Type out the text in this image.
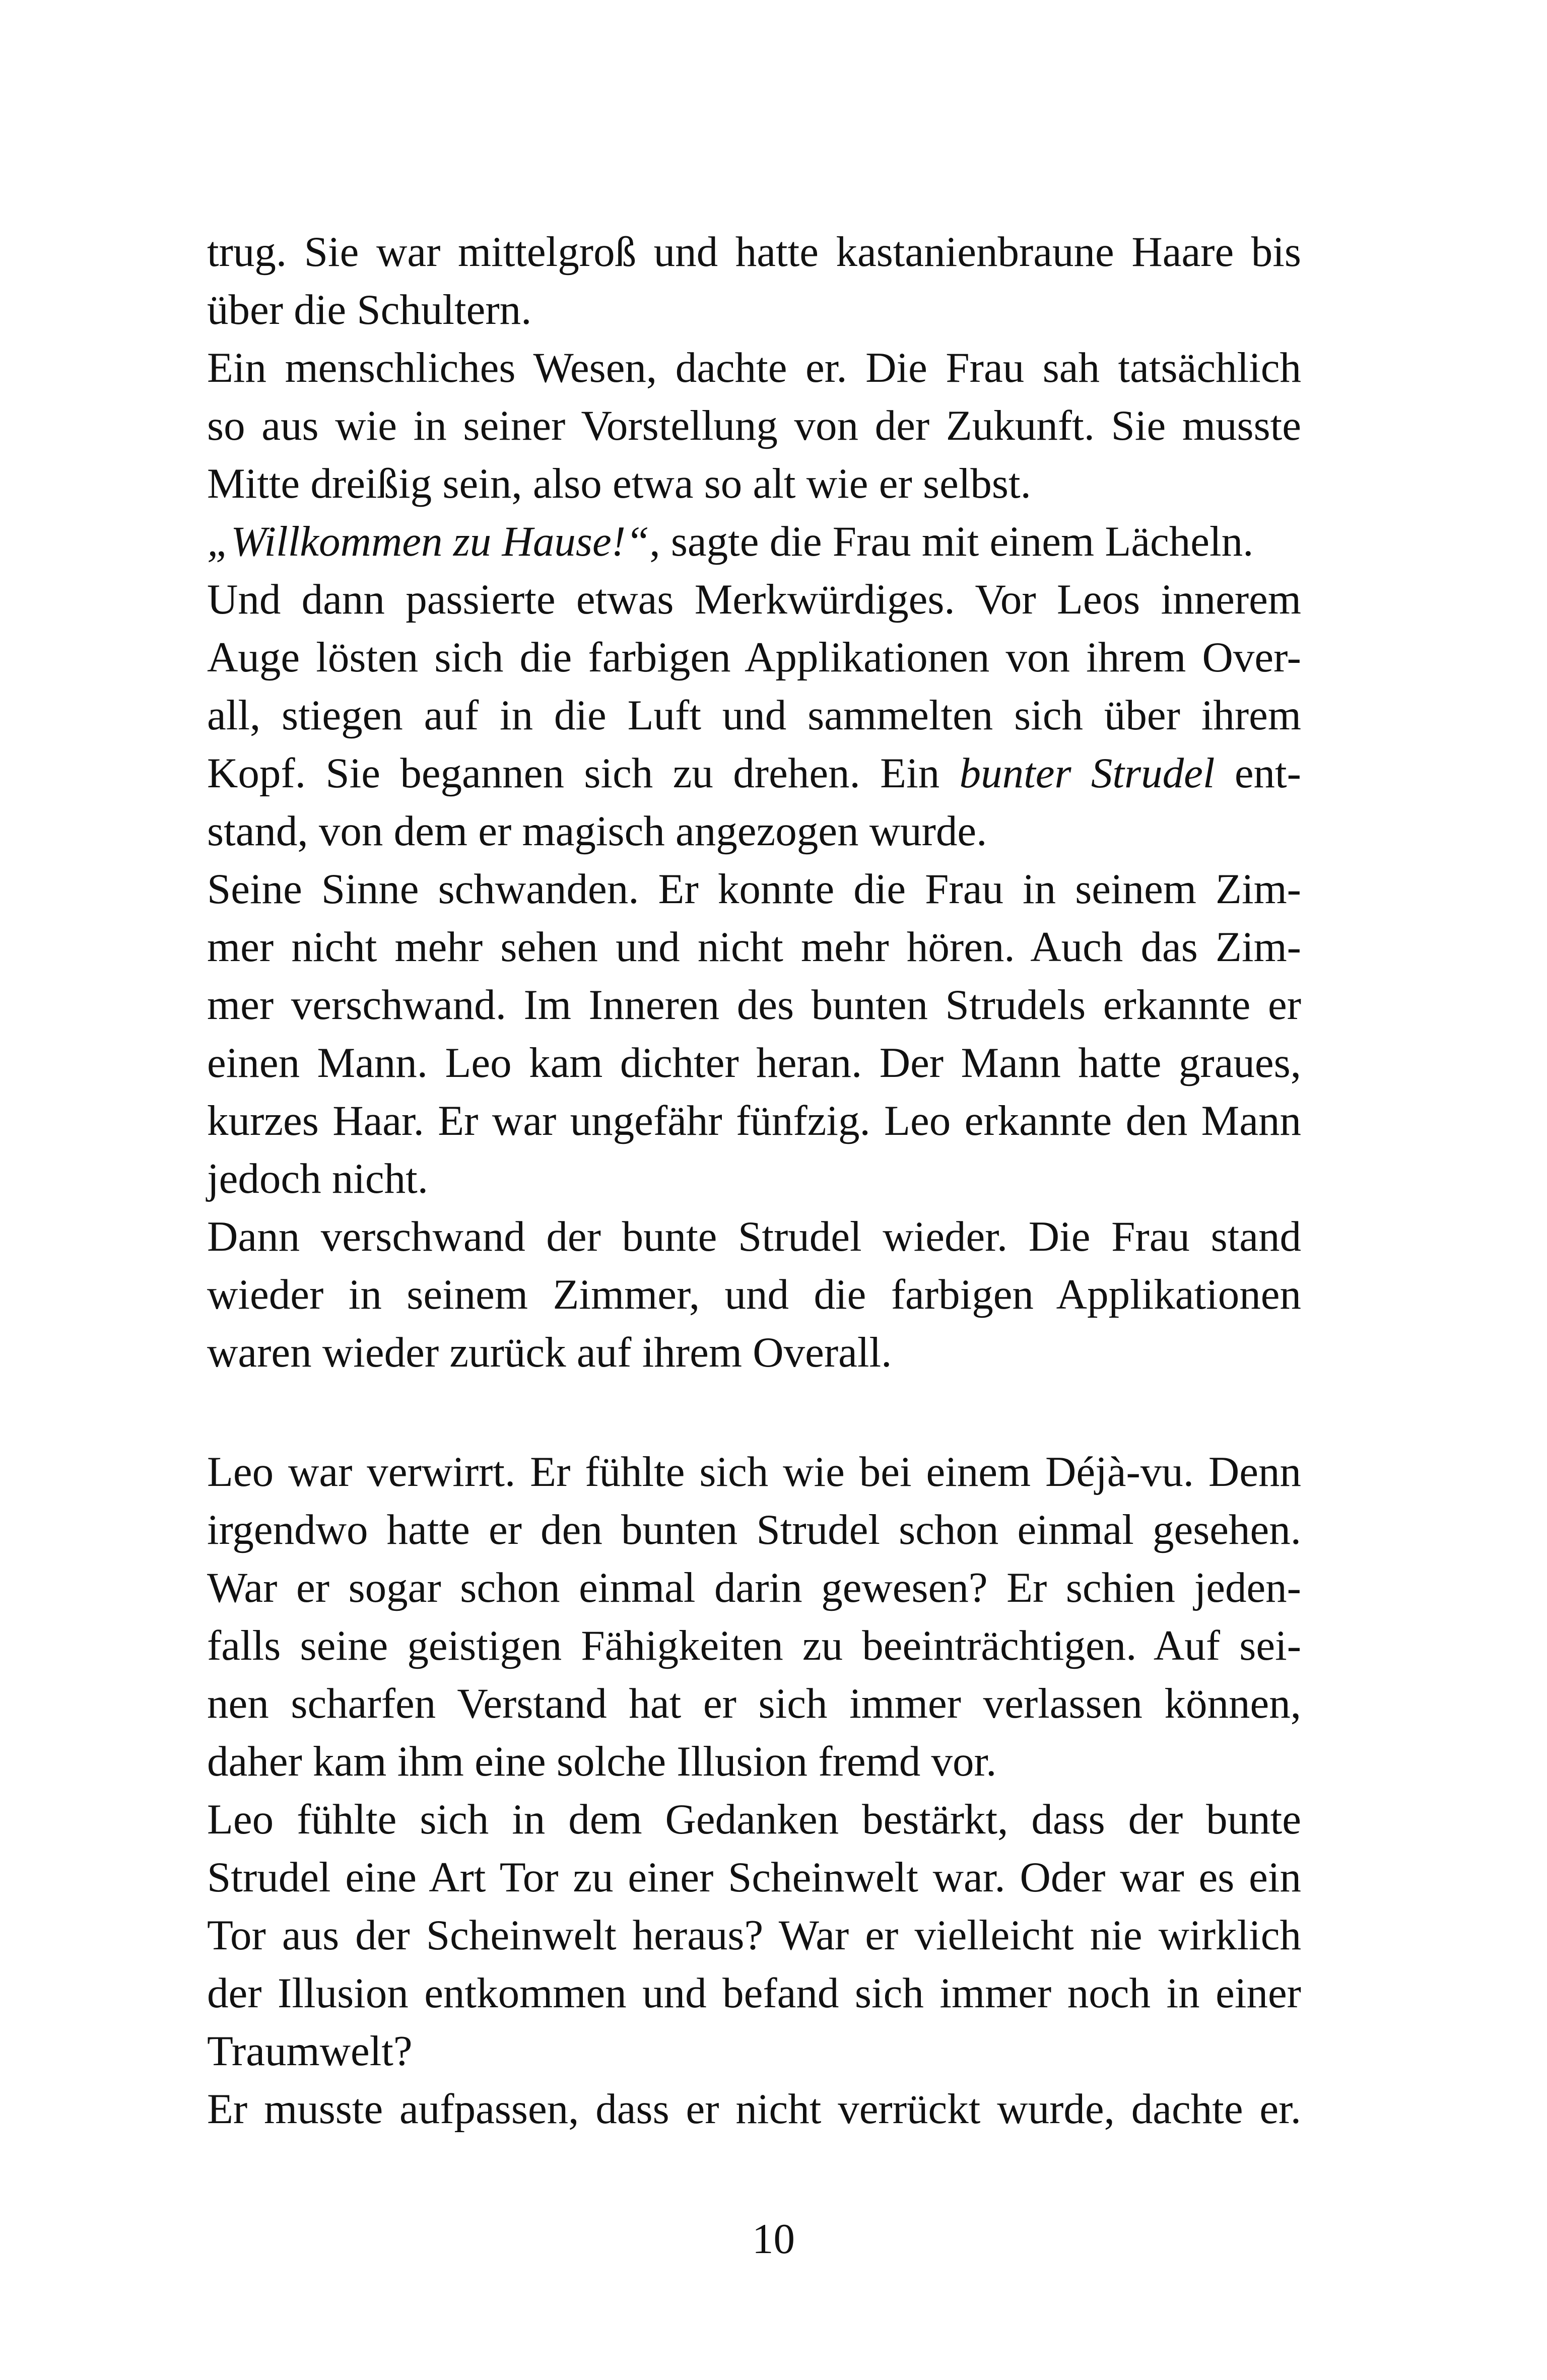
trug. Sie war mittelgroß und hatte kastanienbraune Haare bis
über die Schultern.
Ein menschliches Wesen, dachte er. Die Frau sah tatsächlich
so aus wie in seiner Vorstellung von der Zukunft. Sie musste
Mitte dreißig sein, also etwa so alt wie er selbst.
„Willkommen zu Hause!“, sagte die Frau mit einem Lächeln.
Und dann passierte etwas Merkwürdiges. Vor Leos innerem
Auge lösten sich die farbigen Applikationen von ihrem Over-
all, stiegen auf in die Luft und sammelten sich über ihrem
Kopf. Sie begannen sich zu drehen. Ein bunter Strudel ent-
stand, von dem er magisch angezogen wurde.
Seine Sinne schwanden. Er konnte die Frau in seinem Zim-
mer nicht mehr sehen und nicht mehr hören. Auch das Zim-
mer verschwand. Im Inneren des bunten Strudels erkannte er
einen Mann. Leo kam dichter heran. Der Mann hatte graues,
kurzes Haar. Er war ungefähr fünfzig. Leo erkannte den Mann
jedoch nicht.
Dann verschwand der bunte Strudel wieder. Die Frau stand
wieder in seinem Zimmer, und die farbigen Applikationen
waren wieder zurück auf ihrem Overall.
Leo war verwirrt. Er fühlte sich wie bei einem Déjà-vu. Denn
irgendwo hatte er den bunten Strudel schon einmal gesehen.
War er sogar schon einmal darin gewesen? Er schien jeden-
falls seine geistigen Fähigkeiten zu beeinträchtigen. Auf sei-
nen scharfen Verstand hat er sich immer verlassen können,
daher kam ihm eine solche Illusion fremd vor.
Leo fühlte sich in dem Gedanken bestärkt, dass der bunte
Strudel eine Art Tor zu einer Scheinwelt war. Oder war es ein
Tor aus der Scheinwelt heraus? War er vielleicht nie wirklich
der Illusion entkommen und befand sich immer noch in einer
Traumwelt?
Er musste aufpassen, dass er nicht verrückt wurde, dachte er.
10
